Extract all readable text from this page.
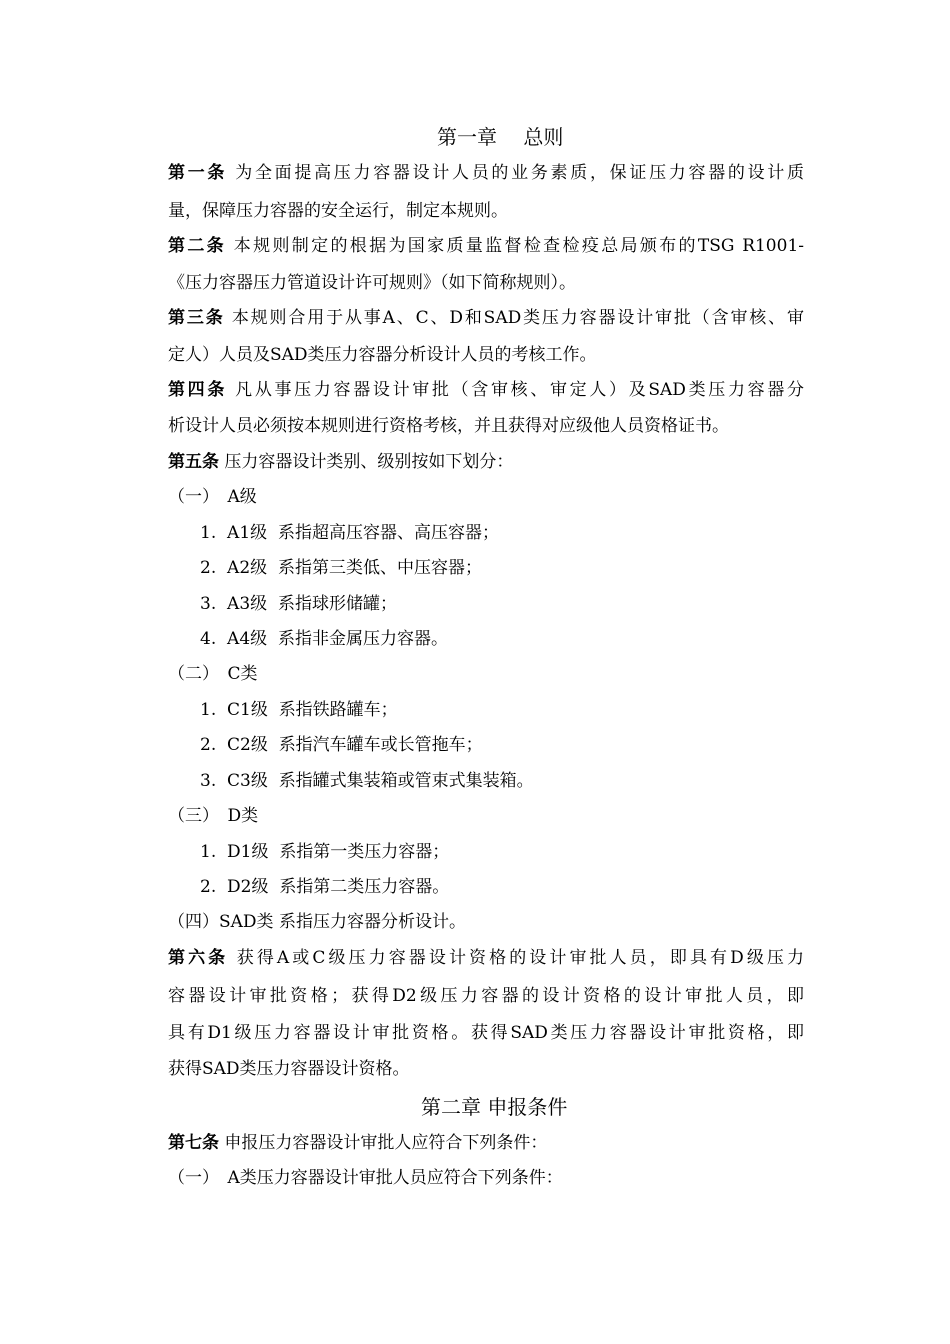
第一章　 总则
第一条 为全面提高压力容器设计人员的业务素质，保证压力容器的设计质
量，保障压力容器的安全运行，制定本规则。
第二条 本规则制定的根据为国家质量监督检查检疫总局颁布的TSG R1001-
《压力容器压力管道设计许可规则》（如下简称规则）。
第三条 本规则合用于从事A、C、D和SAD类压力容器设计审批（含审核、审
定人）人员及SAD类压力容器分析设计人员的考核工作。
第四条 凡从事压力容器设计审批（含审核、审定人）及SAD类压力容器分
析设计人员必须按本规则进行资格考核，并且获得对应级他人员资格证书。
第五条 压力容器设计类别、级别按如下划分：
（一）　A级
1. A1级 系指超高压容器、高压容器；
2. A2级 系指第三类低、中压容器；
3. A3级 系指球形储罐；
4. A4级 系指非金属压力容器。
（二）　C类
1. C1级 系指铁路罐车；
2. C2级 系指汽车罐车或长管拖车；
3. C3级 系指罐式集装箱或管束式集装箱。
（三）　D类
1. D1级 系指第一类压力容器；
2. D2级 系指第二类压力容器。
（四）SAD类 系指压力容器分析设计。
第六条 获得A或C级压力容器设计资格的设计审批人员，即具有D级压力
容器设计审批资格；获得D2级压力容器的设计资格的设计审批人员，即
具有D1级压力容器设计审批资格。获得SAD类压力容器设计审批资格，即
获得SAD类压力容器设计资格。
第二章 申报条件
第七条 申报压力容器设计审批人应符合下列条件：
（一）　A类压力容器设计审批人员应符合下列条件：
